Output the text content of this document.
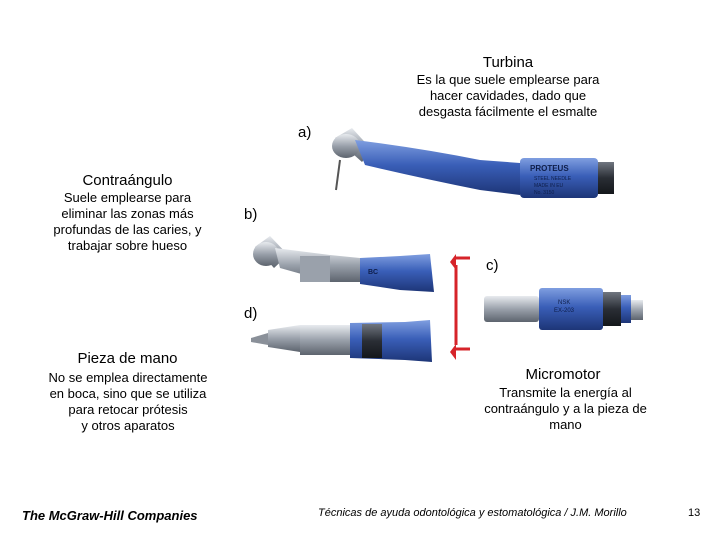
PROTEUS
STEEL NEEDLE
MADE IN EU
No. 3150
BC
NSK
EX-203
Turbina
Es la que suele emplearse para
hacer cavidades, dado que
desgasta fácilmente el esmalte
Contraángulo
Suele emplearse para
eliminar las zonas más
profundas de las caries, y
trabajar sobre hueso
Pieza de mano
No se emplea directamente
en boca, sino que se utiliza
para retocar prótesis
y otros aparatos
Micromotor
Transmite la energía al
contraángulo y a la pieza de
mano
a)
b)
c)
d)
The McGraw-Hill Companies	Técnicas de ayuda odontológica y estomatológica / J.M. Morillo	13
